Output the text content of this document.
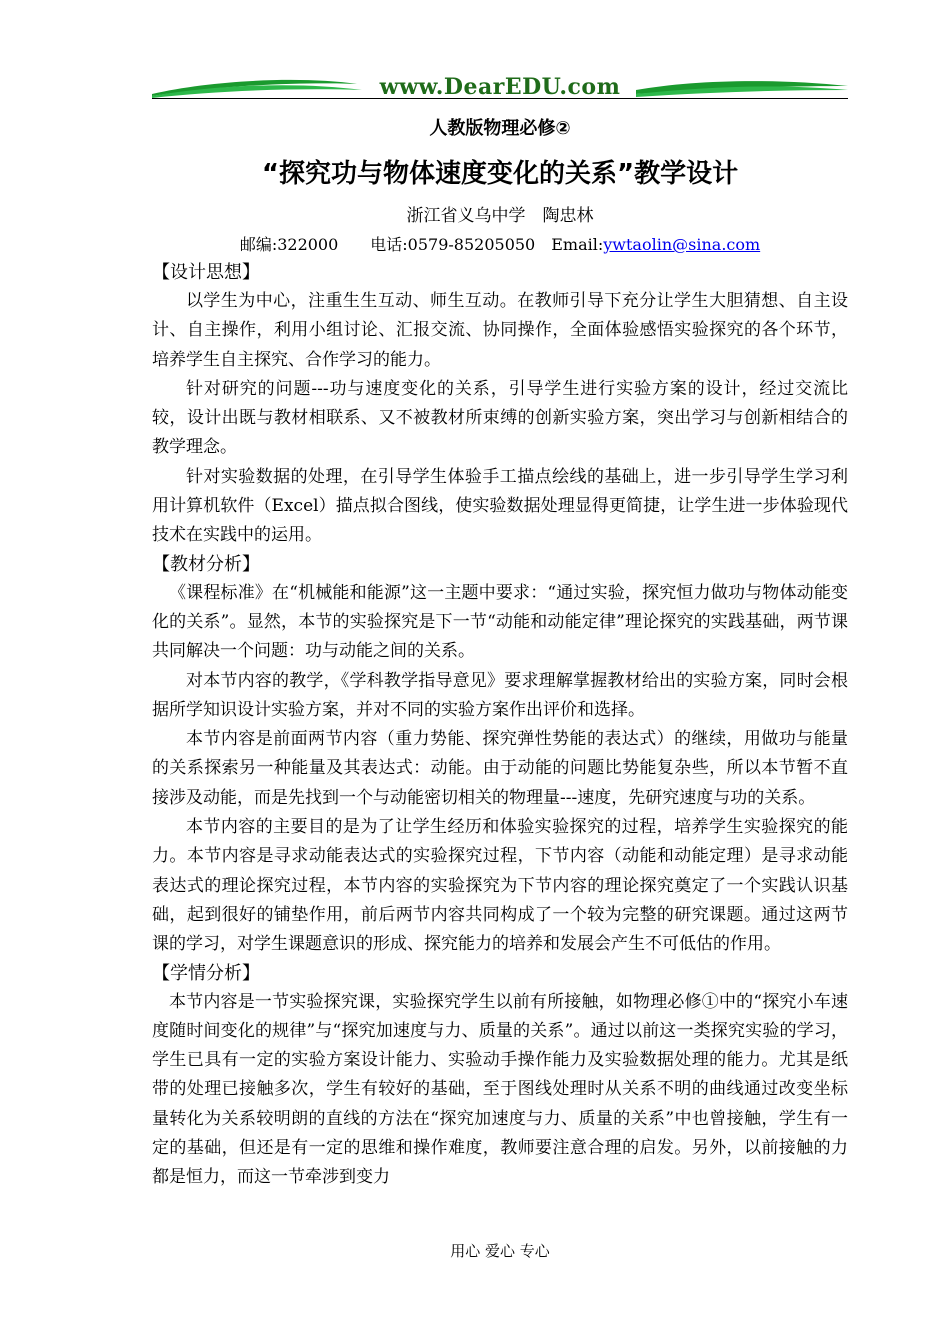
www.DearEDU.com
人教版物理必修②
“探究功与物体速度变化的关系”教学设计
浙江省义乌中学　陶忠林
邮编:322000　　电话:0579-85205050　Email:ywtaolin@sina.com
【设计思想】

以学生为中心，注重生生互动、师生互动。在教师引导下充分让学生大胆猜想、自主设计、自主操作，利用小组讨论、汇报交流、协同操作，全面体验感悟实验探究的各个环节，培养学生自主探究、合作学习的能力。

针对研究的问题---功与速度变化的关系，引导学生进行实验方案的设计，经过交流比较，设计出既与教材相联系、又不被教材所束缚的创新实验方案，突出学习与创新相结合的教学理念。

针对实验数据的处理，在引导学生体验手工描点绘线的基础上，进一步引导学生学习利用计算机软件（Excel）描点拟合图线，使实验数据处理显得更简捷，让学生进一步体验现代技术在实践中的运用。

【教材分析】

《课程标准》在“机械能和能源”这一主题中要求：“通过实验，探究恒力做功与物体动能变化的关系”。显然，本节的实验探究是下一节“动能和动能定律”理论探究的实践基础，两节课共同解决一个问题：功与动能之间的关系。

对本节内容的教学，《学科教学指导意见》要求理解掌握教材给出的实验方案，同时会根据所学知识设计实验方案，并对不同的实验方案作出评价和选择。

本节内容是前面两节内容（重力势能、探究弹性势能的表达式）的继续，用做功与能量的关系探索另一种能量及其表达式：动能。由于动能的问题比势能复杂些，所以本节暂不直接涉及动能，而是先找到一个与动能密切相关的物理量---速度，先研究速度与功的关系。

本节内容的主要目的是为了让学生经历和体验实验探究的过程，培养学生实验探究的能力。本节内容是寻求动能表达式的实验探究过程，下节内容（动能和动能定理）是寻求动能表达式的理论探究过程，本节内容的实验探究为下节内容的理论探究奠定了一个实践认识基础，起到很好的铺垫作用，前后两节内容共同构成了一个较为完整的研究课题。通过这两节课的学习，对学生课题意识的形成、探究能力的培养和发展会产生不可低估的作用。

【学情分析】

本节内容是一节实验探究课，实验探究学生以前有所接触，如物理必修①中的“探究小车速度随时间变化的规律”与“探究加速度与力、质量的关系”。通过以前这一类探究实验的学习，学生已具有一定的实验方案设计能力、实验动手操作能力及实验数据处理的能力。尤其是纸带的处理已接触多次，学生有较好的基础，至于图线处理时从关系不明的曲线通过改变坐标量转化为关系较明朗的直线的方法在“探究加速度与力、质量的关系”中也曾接触，学生有一定的基础，但还是有一定的思维和操作难度，教师要注意合理的启发。另外，以前接触的力都是恒力，而这一节牵涉到变力

用心 爱心 专心
